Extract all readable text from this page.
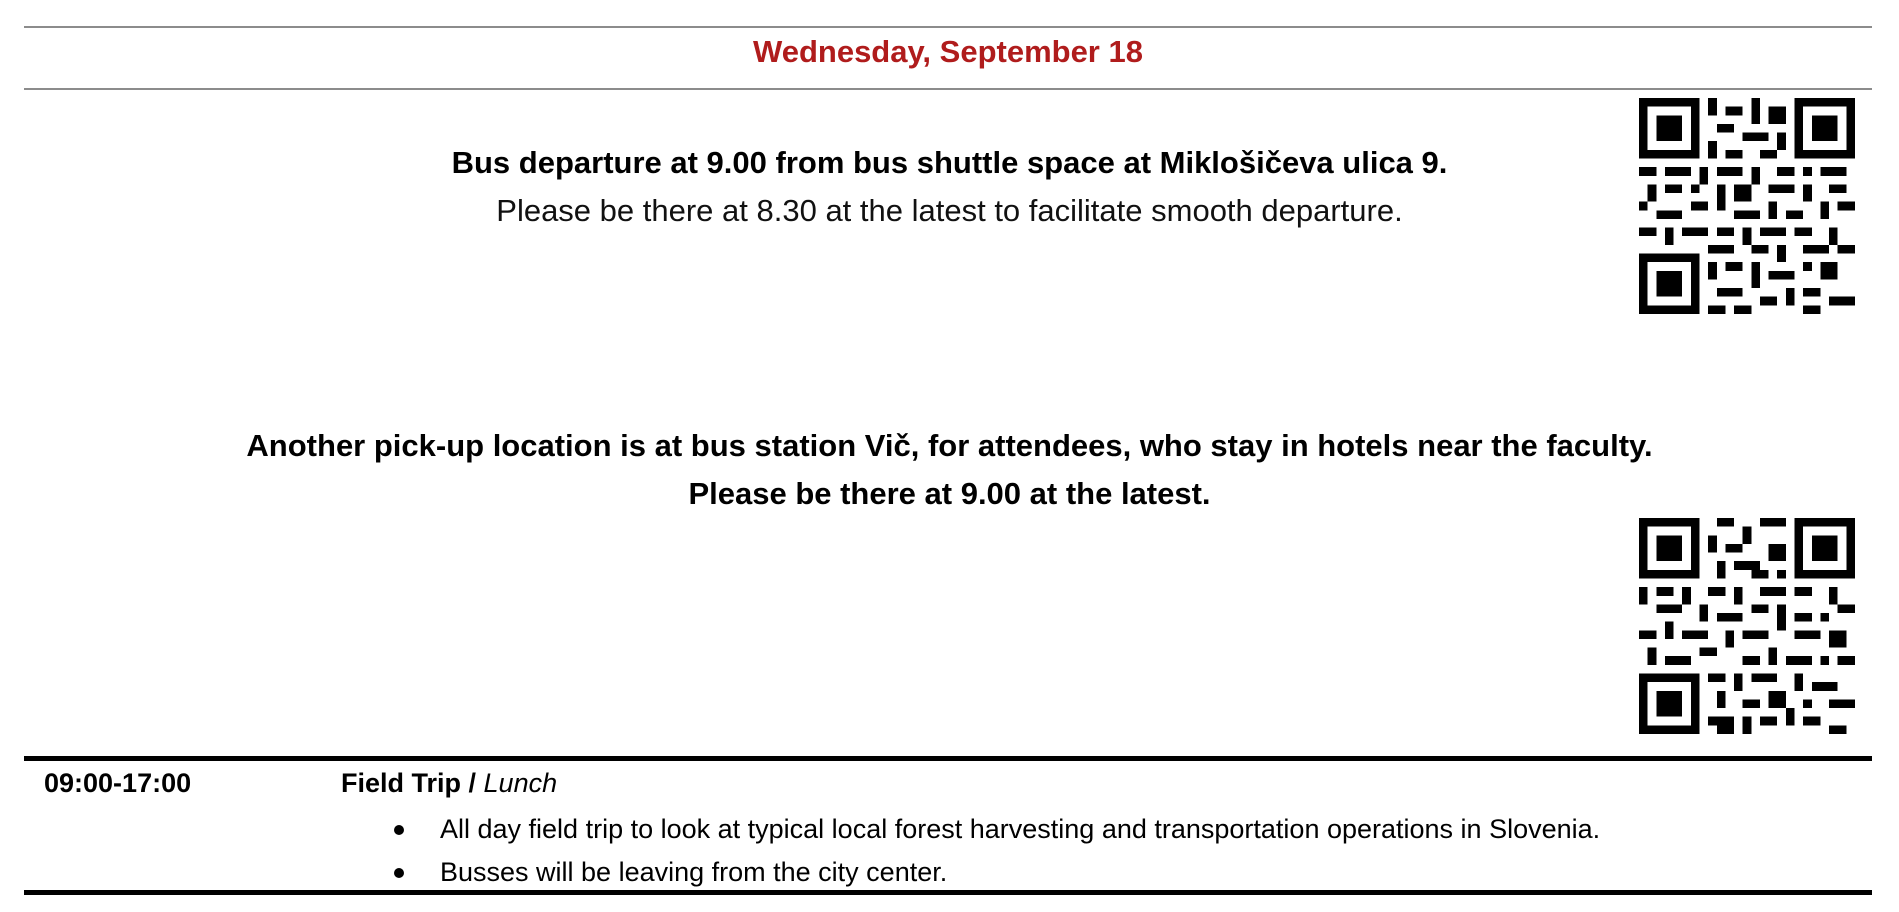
Wednesday, September 18
Bus departure at 9.00 from bus shuttle space at Miklošičeva ulica 9.
Please be there at 8.30 at the latest to facilitate smooth departure.
Another pick-up location is at bus station Vič, for attendees, who stay in hotels near the faculty.
Please be there at 9.00 at the latest.
09:00-17:00	Field Trip / Lunch
All day field trip to look at typical local forest harvesting and transportation operations in Slovenia.
Busses will be leaving from the city center.
